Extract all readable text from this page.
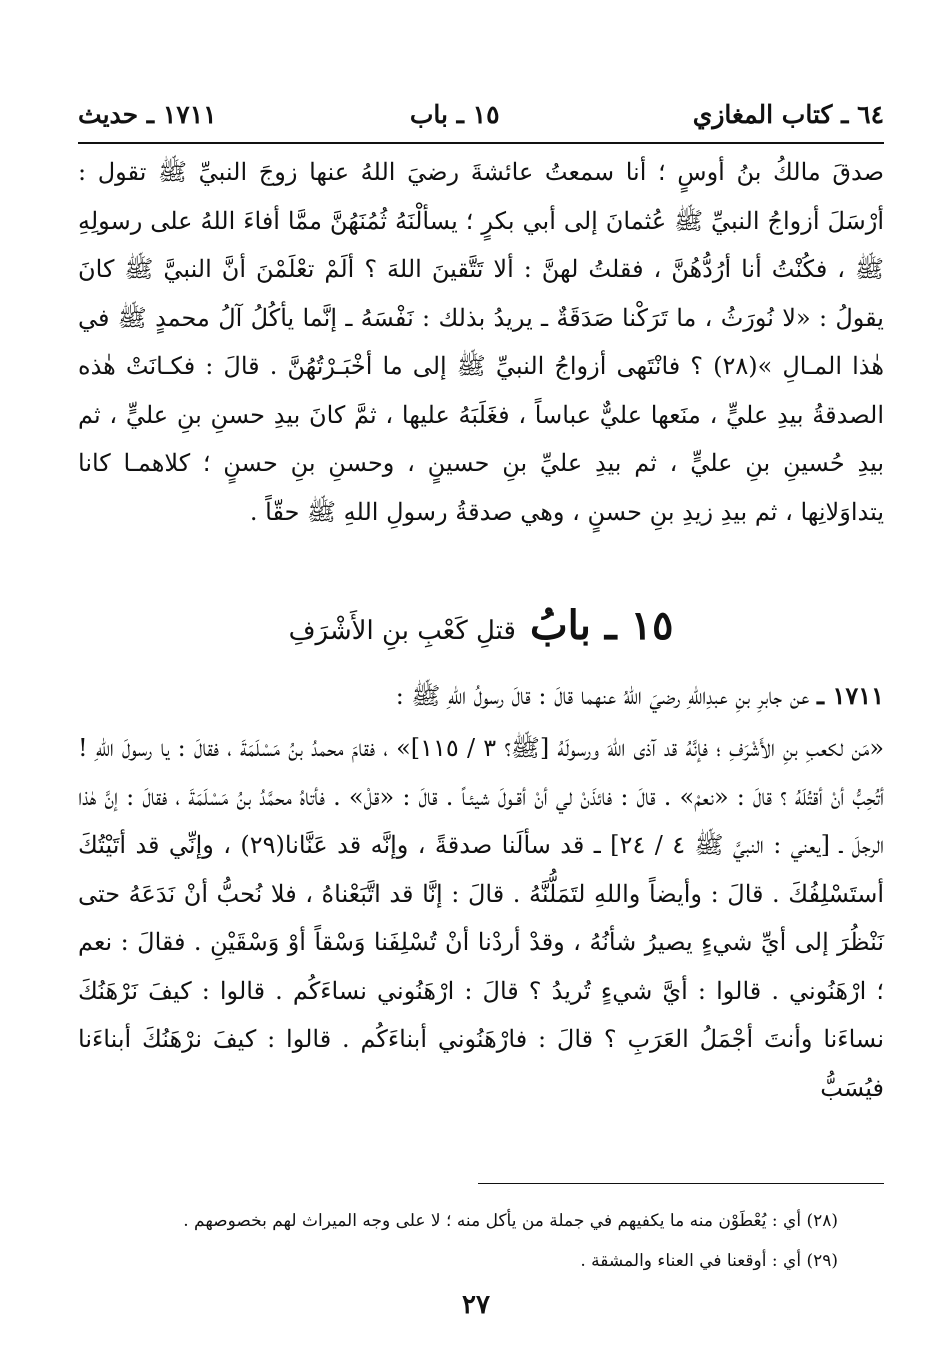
٦٤ ـ كتاب المغازي
١٥ ـ باب
١٧١١ ـ حديث

صدقَ مالكُ بنُ أوسٍ ؛ أنا سمعتُ عائشةَ رضيَ اللهُ عنها زوجَ النبيِّ ﷺ تقول : أرْسَلَ أزواجُ النبيِّ ﷺ عُثمانَ إلى أبي بكرٍ ؛ يسألْنَهُ ثُمُنَهُنَّ ممَّا أفاءَ اللهُ على رسولِهِ ﷺ ، فكُنْتُ أنا أرُدُّهُنَّ ، فقلتُ لهنَّ : ألا تَتَّقينَ اللهَ ؟ ألَمْ تعْلَمْنَ أنَّ النبيَّ ﷺ كانَ يقولُ : «لا نُورَثُ ، ما تَرَكْنا صَدَقَةٌ ـ يريدُ بذلك : نَفْسَهُ ـ إنَّما يأكُلُ آلُ محمدٍ ﷺ في هٰذا المـالِ »(٢٨) ؟ فانْتَهى أزواجُ النبيِّ ﷺ إلى ما أخْبَـرْتُهُنَّ . قالَ : فكـانَتْ هٰذه الصدقةُ بيدِ عليٍّ ، منَعها عليٌّ عباساً ، فغَلَبَهُ عليها ، ثمَّ كانَ بيدِ حسنِ بنِ عليٍّ ، ثم بيدِ حُسينِ بنِ عليٍّ ، ثم بيدِ عليِّ بنِ حسينٍ ، وحسنِ بنِ حسنٍ ؛ كلاهمـا كانا يتداوَلانِها ، ثم بيدِ زيدِ بنِ حسنٍ ، وهي صدقةُ رسولِ اللهِ ﷺ حقّاً .

١٥ ـ بابُ
قتلِ كَعْبِ بنِ الأَشْرَفِ

١٧١١ ـ عن جابرِ بنِ عبدِاللهِ رضيَ اللهُ عنهما قالَ : قالَ رسولُ اللهِ ﷺ :

«مَن لكعبِ بنِ الأَشْرَفِ ؛ فإنَّهُ قد آذى اللهَ ورسولَهُ [ﷺ؟ ٣ / ١١٥]» ، فقامَ محمدُ بنُ مَسْلَمَةَ ، فقالَ : يا رسولَ اللهِ ! أتُحِبُّ أنْ أقتُلَهُ ؟ قالَ : «نعمْ» . قالَ : فائذَنْ لي أنْ أقـولَ شيئـاً . قالَ : «قلْ» . فأتاهُ محمَّدُ بنُ مَسْلَمَةَ ، فقالَ : إنَّ هٰذا الرجلَ ـ [يعني : النبيَّ ﷺ ٤ / ٢٤] ـ قد سألَنا صدقةً ، وإنَّه قد عَنَّانا(٢٩) ، وإنِّي قد أتَيْتُكَ أستَسْلِفُكَ . قالَ : وأيضاً واللهِ لتَمَلُّنَّهُ . قالَ : إنَّا قد اتَّبَعْناهُ ، فلا نُحبُّ أنْ نَدَعَهُ حتى نَنْظُرَ إلى أيِّ شيءٍ يصيرُ شأنُهُ ، وقدْ أردْنا أنْ تُسْلِفَنا وَسْقاً أوْ وَسْقَيْنِ . فقالَ : نعم ؛ ارْهَنُوني . قالوا : أيَّ شيءٍ تُريدُ ؟ قالَ : ارْهَنُوني نساءَكُم . قالوا : كيفَ نَرْهَنُكَ نساءَنا وأنتَ أجْمَلُ العَرَبِ ؟ قالَ : فارْهَنُوني أبناءَكُم . قالوا : كيفَ نرْهَنُكَ أبناءَنا فيُسَبُّ

(٢٨) أي : يُعْطَوْن منه ما يكفيهم في جملة من يأكل منه ؛ لا على وجه الميراث لهم بخصوصهم .

(٢٩) أي : أوقعنا في العناء والمشقة .

٢٧
